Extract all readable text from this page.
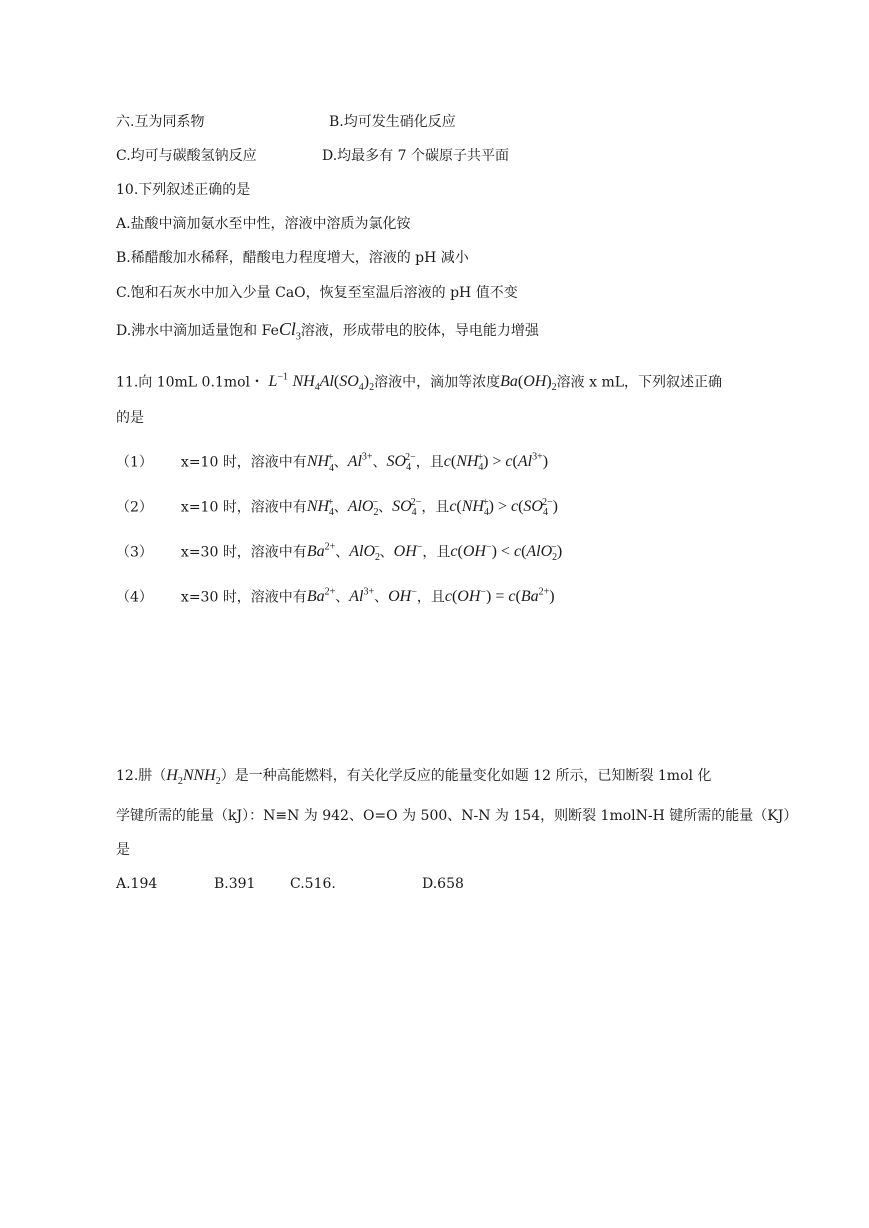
六.互为同系物	B.均可发生硝化反应
C.均可与碳酸氢钠反应	D.均最多有 7 个碳原子共平面
10.下列叙述正确的是
A.盐酸中滴加氨水至中性，溶液中溶质为氯化铵
B.稀醋酸加水稀释，醋酸电力程度增大，溶液的 pH 减小
C.饱和石灰水中加入少量 CaO，恢复至室温后溶液的 pH 值不变
D.沸水中滴加适量饱和 FeCl$_3$溶液，形成带电的胶体，导电能力增强
11.向 10mL 0.1mol・ $L^{-1}$ $NH_4Al(SO_4)_2$溶液中，滴加等浓度$Ba(OH)_2$溶液 x mL，下列叙述正确
的是
（1） x=10 时，溶液中有$NH_4^+$、$Al^{3+}$、$SO_4^{2-}$，且$c(NH_4^+) > c(Al^{3+})$
（2） x=10 时，溶液中有$NH_4^+$、AlO$_2$−、$SO_4^{2-}$，且$c(NH_4^+) > c(SO_4^{2-})$
（3） x=30 时，溶液中有$Ba^{2+}$、AlO$_2$−、OH−，且c(OH−) < c(AlO$_2$−)
（4） x=30 时，溶液中有$Ba^{2+}$、$Al^{3+}$、OH−，且$c(OH^-) = c(Ba^{2+})$
12.肼$(H_2NNH_2)$是一种高能燃料，有关化学反应的能量变化如题 12 所示，已知断裂 1mol 化
学键所需的能量（kJ）：N≡N 为 942、O=O 为 500、N-N 为 154，则断裂 1molN-H 键所需的能量（KJ）
是
A.194	B.391 C.516.	D.658
